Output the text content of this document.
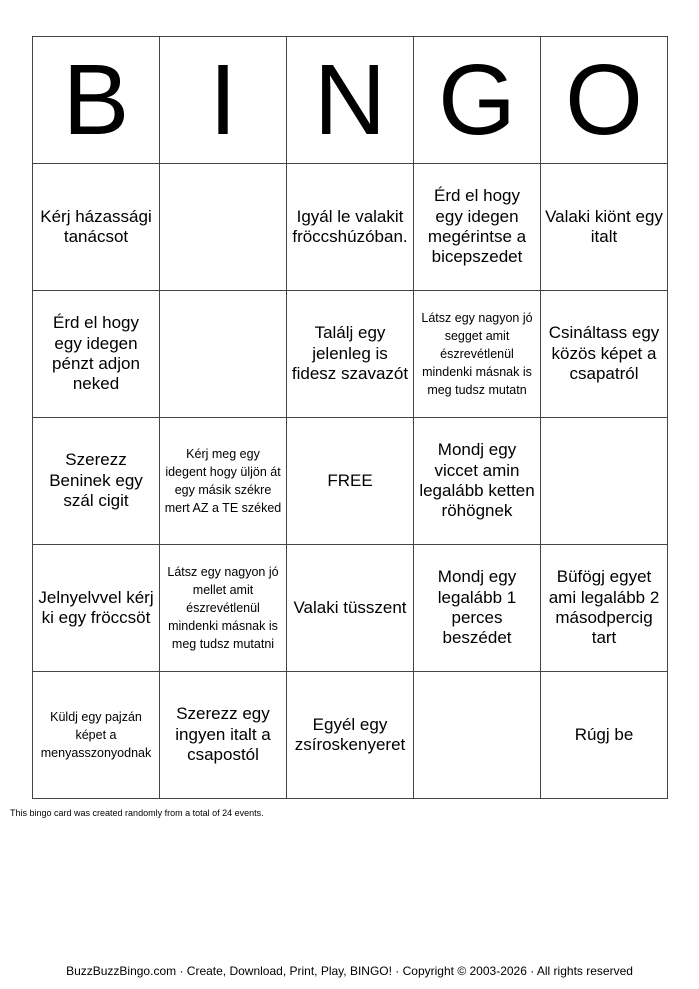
B	I	N	G	O
Kérj házassági tanácsot		Igyál le valakit fröccshúzóban.	Érd el hogy egy idegen megérintse a bicepszedet	Valaki kiönt egy italt
Érd el hogy egy idegen pénzt adjon neked		Találj egy jelenleg is fidesz szavazót	Látsz egy nagyon jó segget amit észrevétlenül mindenki másnak is meg tudsz mutatn	Csináltass egy közös képet a csapatról
Szerezz Beninek egy szál cigit	Kérj meg egy idegent hogy üljön át egy másik székre mert AZ a TE széked	FREE	Mondj egy viccet amin legalább ketten röhögnek	
Jelnyelvvel kérj ki egy fröccsöt	Látsz egy nagyon jó mellet amit észrevétlenül mindenki másnak is meg tudsz mutatni	Valaki tüsszent	Mondj egy legalább 1 perces beszédet	Büfögj egyet ami legalább 2 másodpercig tart
Küldj egy pajzán képet a menyasszonyodnak	Szerezz egy ingyen italt a csapostól	Egyél egy zsíroskenyeret		Rúgj be
This bingo card was created randomly from a total of 24 events.
BuzzBuzzBingo.com · Create, Download, Print, Play, BINGO! · Copyright © 2003-2026 · All rights reserved
